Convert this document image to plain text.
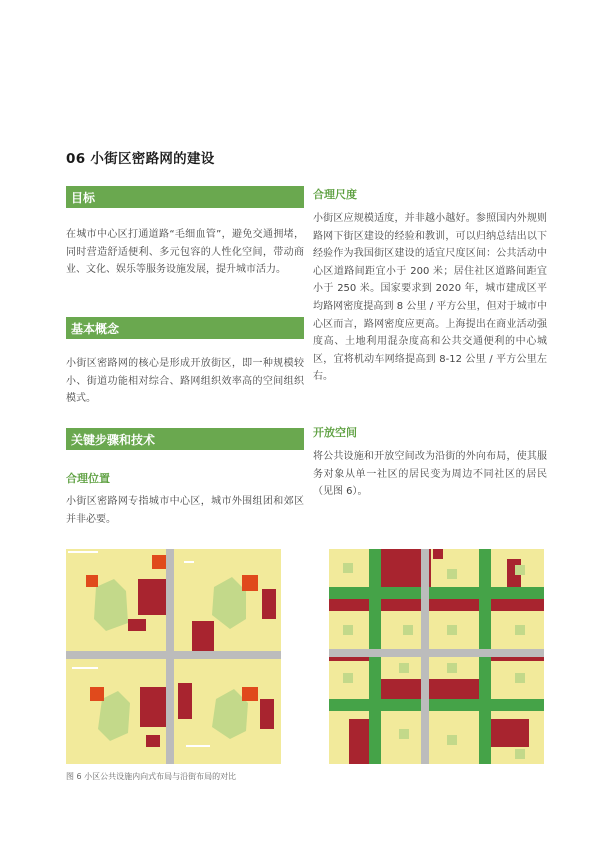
06 小街区密路网的建设
目标
在城市中心区打通道路“毛细血管”，避免交通拥堵，同时营造舒适便利、多元包容的人性化空间，带动商业、文化、娱乐等服务设施发展，提升城市活力。
基本概念
小街区密路网的核心是形成开放街区，即一种规模较小、街道功能相对综合、路网组织效率高的空间组织模式。
关键步骤和技术
合理位置
小街区密路网专指城市中心区，城市外围组团和郊区并非必要。
合理尺度
小街区应规模适度，并非越小越好。参照国内外规则路网下街区建设的经验和教训，可以归纳总结出以下经验作为我国街区建设的适宜尺度区间：公共活动中心区道路间距宜小于 200 米；居住社区道路间距宜小于 250 米。国家要求到 2020 年，城市建成区平均路网密度提高到 8 公里 / 平方公里，但对于城市中心区而言，路网密度应更高。上海提出在商业活动强度高、土地利用混杂度高和公共交通便利的中心城区，宜将机动车网络提高到 8-12 公里 / 平方公里左右。
开放空间
将公共设施和开放空间改为沿街的外向布局，使其服务对象从单一社区的居民变为周边不同社区的居民（见图 6）。
图 6 小区公共设施内向式布局与沿街布局的对比
